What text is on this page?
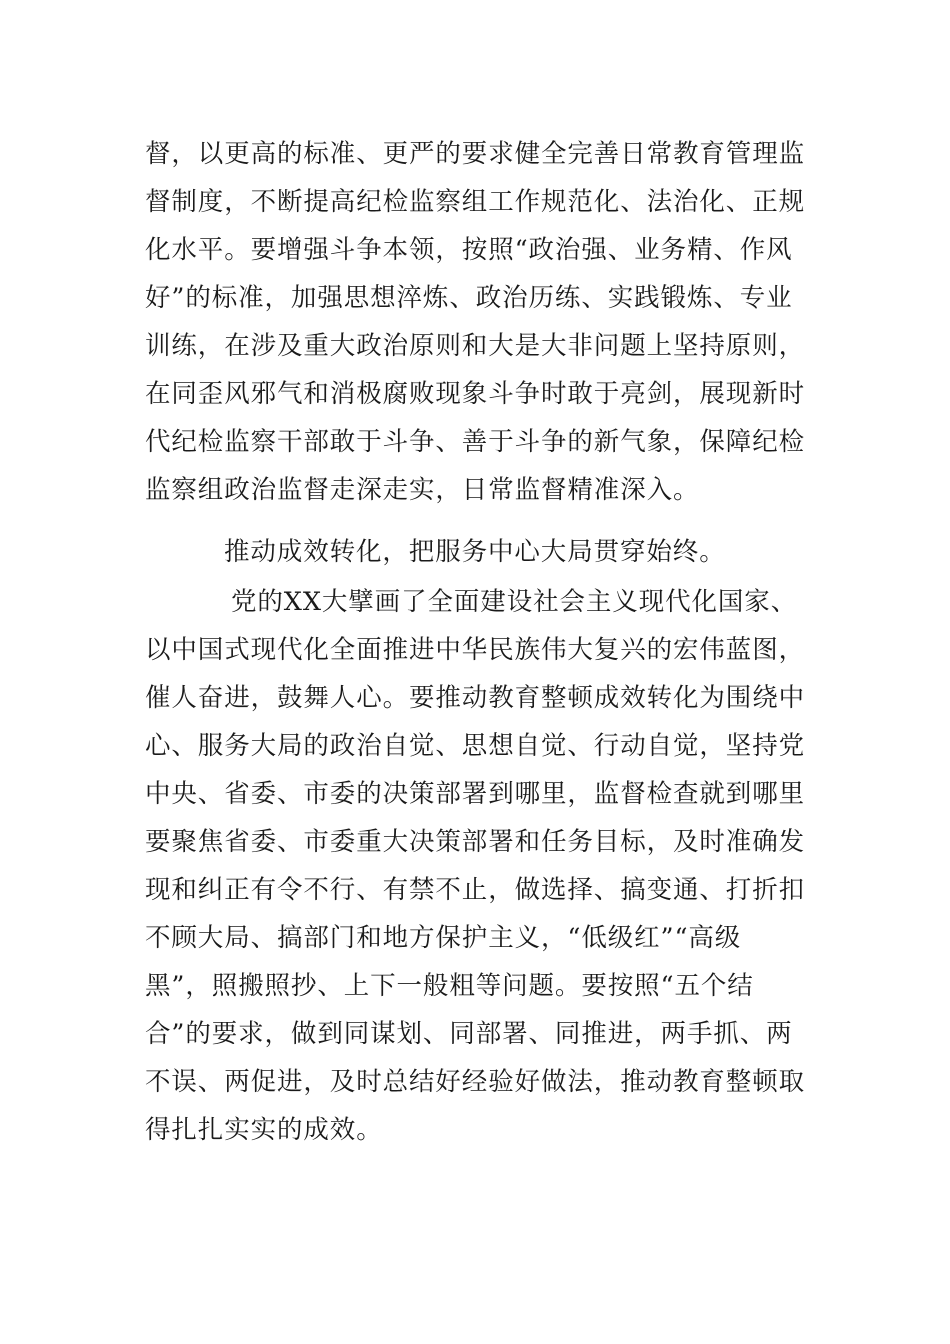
督，以更高的标准、更严的要求健全完善日常教育管理监
督制度，不断提高纪检监察组工作规范化、法治化、正规
化水平。要增强斗争本领，按照“政治强、业务精、作风
好”的标准，加强思想淬炼、政治历练、实践锻炼、专业
训练，在涉及重大政治原则和大是大非问题上坚持原则，
在同歪风邪气和消极腐败现象斗争时敢于亮剑，展现新时
代纪检监察干部敢于斗争、善于斗争的新气象，保障纪检
监察组政治监督走深走实，日常监督精准深入。
推动成效转化，把服务中心大局贯穿始终。
党的XX大擘画了全面建设社会主义现代化国家、
以中国式现代化全面推进中华民族伟大复兴的宏伟蓝图，
催人奋进，鼓舞人心。要推动教育整顿成效转化为围绕中
心、服务大局的政治自觉、思想自觉、行动自觉，坚持党
中央、省委、市委的决策部署到哪里，监督检查就到哪里
要聚焦省委、市委重大决策部署和任务目标，及时准确发
现和纠正有令不行、有禁不止，做选择、搞变通、打折扣
不顾大局、搞部门和地方保护主义，“低级红”“高级
黑”，照搬照抄、上下一般粗等问题。要按照“五个结
合”的要求，做到同谋划、同部署、同推进，两手抓、两
不误、两促进，及时总结好经验好做法，推动教育整顿取
得扎扎实实的成效。
